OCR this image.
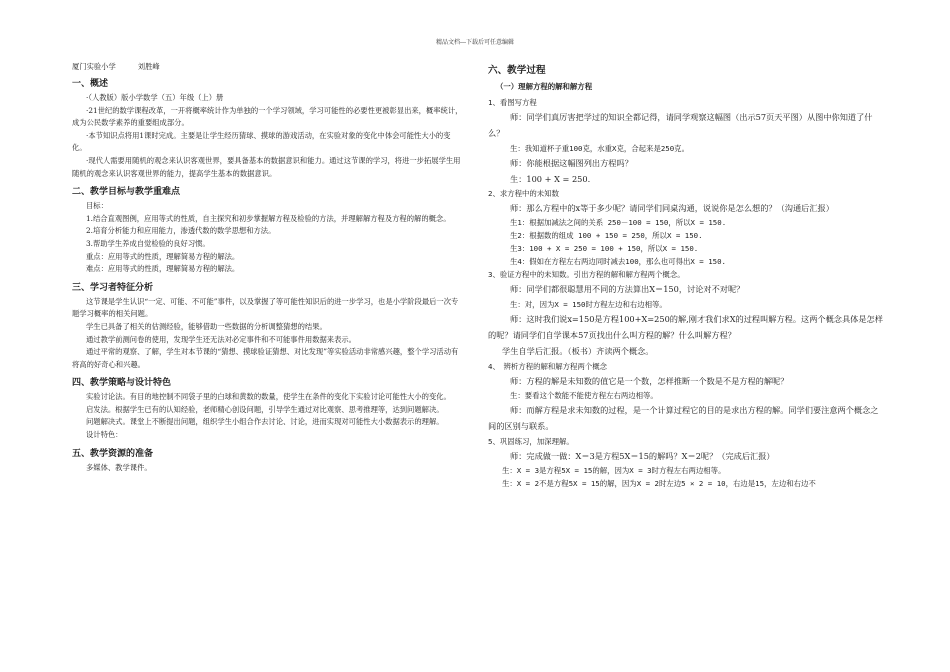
精品文档---下载后可任意编辑
厦门实验小学	刘胜峰
一、概述

·（人教版）版小学数学（五）年级（上）册

·21世纪的数学课程改革，一开将概率统计作为单独的一个学习领域，学习可能性的必要性更被彰显出来，概率统计，成为公民数学素养的重要组成部分。

·本节知识点将用1课时完成。主要是让学生经历猜球、摸球的游戏活动，在实验对象的变化中体会可能性大小的变化。

·现代人需要用随机的观念来认识客观世界，要具备基本的数据意识和能力。通过这节课的学习，将进一步拓展学生用随机的观念来认识客观世界的能力，提高学生基本的数据意识。

二、教学目标与教学重难点

目标：

1.结合直观图例，应用等式的性质，自主探究和初步掌握解方程及检验的方法，并理解解方程及方程的解的概念。

2.培育分析能力和应用能力，渗透代数的数学思想和方法。

3.帮助学生养成自觉检验的良好习惯。

重点：应用等式的性质，理解简易方程的解法。

难点：应用等式的性质，理解简易方程的解法。

三、学习者特征分析

这节课是学生认识“一定、可能、不可能”事件，以及掌握了等可能性知识后的进一步学习，也是小学阶段最后一次专题学习概率的相关问题。

学生已具备了相关的估测经验，能够借助一些数据的分析调整猜想的结果。

通过教学前测问卷的使用，发现学生还无法对必定事件和不可能事件用数据来表示。

通过平常的观察、了解，学生对本节课的“猜想、摸球验证猜想、对比发现”等实验活动非常感兴趣，整个学习活动有将高的好奇心和兴趣。

四、教学策略与设计特色

实验讨论法。有目的地控制不同袋子里的白球和黄数的数量，使学生在条件的变化下实验讨论可能性大小的变化。

启发法。根据学生已有的认知经验，老师精心创设问题，引导学生通过对比观察、思考推理等，达到问题解决。

问题解决式。课堂上不断提出问题，组织学生小组合作去讨论、讨论，进而实现对可能性大小数据表示的理解。

设计特色：

五、教学资源的准备

多媒体、教学课件。

六、教学过程
（一）理解方程的解和解方程

1、看图写方程

师：同学们真厉害把学过的知识全都记得，请同学观察这幅图（出示57页天平图）从图中你知道了什么？

生：我知道杯子重100克，水重X克，合起来是250克。

师：你能根据这幅图列出方程吗？

生：100 + X = 250.

2、求方程中的未知数

师：那么方程中的x等于多少呢？请同学们同桌沟通，说说你是怎么想的？（沟通后汇报）

生1：根据加减法之间的关系 250－100 = 150，所以X = 150.

生2：根据数的组成 100 + 150 = 250，所以X = 150.

生3：100 + X = 250 = 100 + 150，所以X = 150.

生4：假如在方程左右两边同时减去100，那么也可得出X = 150.

3、验证方程中的未知数。引出方程的解和解方程两个概念。

师：同学们都很聪慧用不同的方法算出X＝150，讨论对不对呢？

生：对，因为X = 150时方程左边和右边相等。

师：这时我们说x=150是方程100+X=250的解,刚才我们求X的过程叫解方程。这两个概念具体是怎样的呢？请同学们自学课本57页找出什么叫方程的解？什么叫解方程？

学生自学后汇报。（板书）齐读两个概念。

4、　辨析方程的解和解方程两个概念

师：方程的解是未知数的值它是一个数，怎样推断一个数是不是方程的解呢？

生：要看这个数能不能使方程左右两边相等。

师：而解方程是求未知数的过程，是一个计算过程它的目的是求出方程的解。同学们要注意两个概念之间的区别与联系。

5、巩固练习，加深理解。

师：完成做一做：X＝3是方程5X＝15的解吗？X＝2呢？（完成后汇报）

生：X = 3是方程5X = 15的解，因为X = 3时方程左右两边相等。

生：X = 2不是方程5X = 15的解，因为X = 2时左边5 × 2 = 10，右边是15，左边和右边不
